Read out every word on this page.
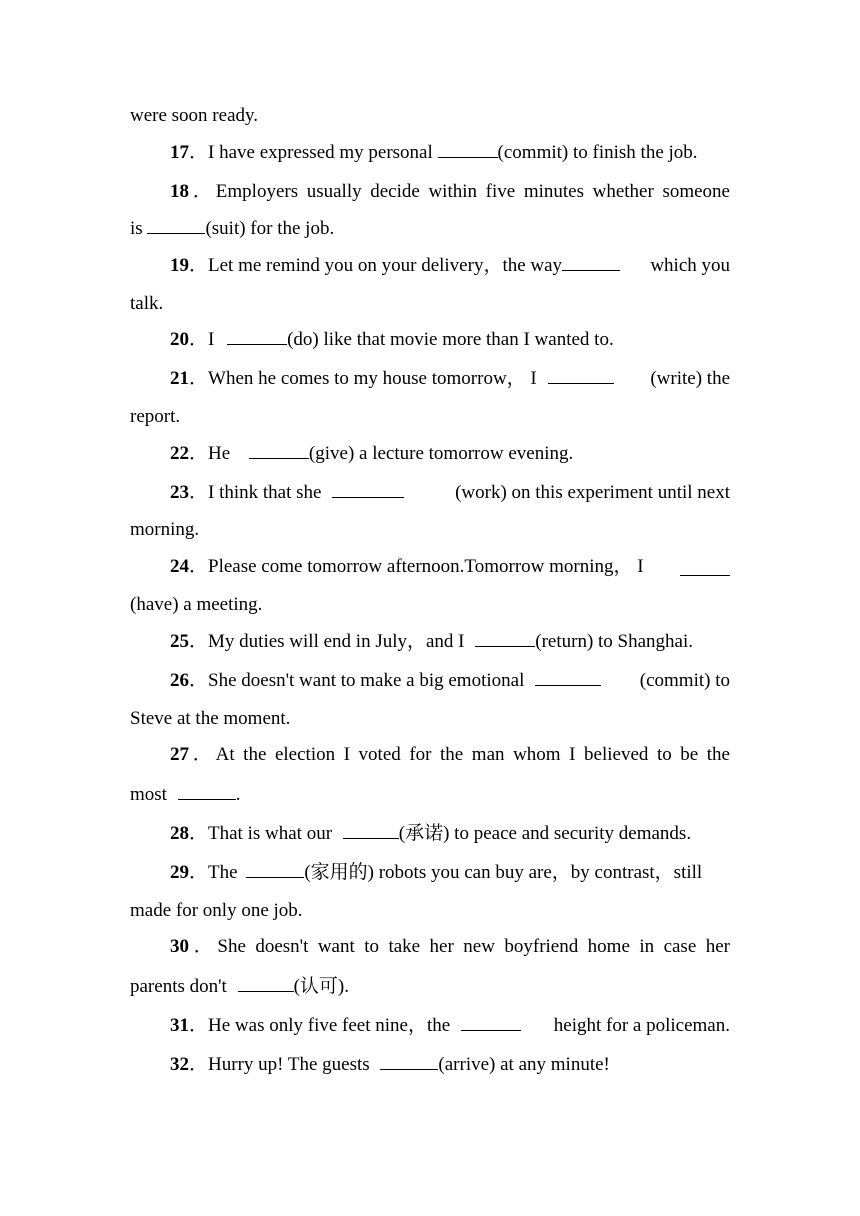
were soon ready.
17．I have expressed my personal	(commit) to finish the job.
18．Employers usually decide within five minutes whether someone
is	(suit) for the job.
19．Let me remind you on your delivery，the way	which you
talk.
20．I	(do) like that movie more than I wanted to.
21．When he comes to my house tomorrow， I	(write) the
report.
22．He	(give) a lecture tomorrow evening.
23．I think that she	(work) on this experiment until next
morning.
24．Please come tomorrow afternoon.Tomorrow morning， I
(have) a meeting.
25．My duties will end in July，and I	(return) to Shanghai.
26．She doesn't want to make a big emotional	(commit) to
Steve at the moment.
27．At the election I voted for the man whom I believed to be the
most	.
28．That is what our	(承诺) to peace and security demands.
29．The	(家用的) robots you can buy are，by contrast，still
made for only one job.
30．She doesn't want to take her new boyfriend home in case her
parents don't	(认可).
31．He was only five feet nine，the	height for a policeman.
32．Hurry up! The guests	(arrive) at any minute!
